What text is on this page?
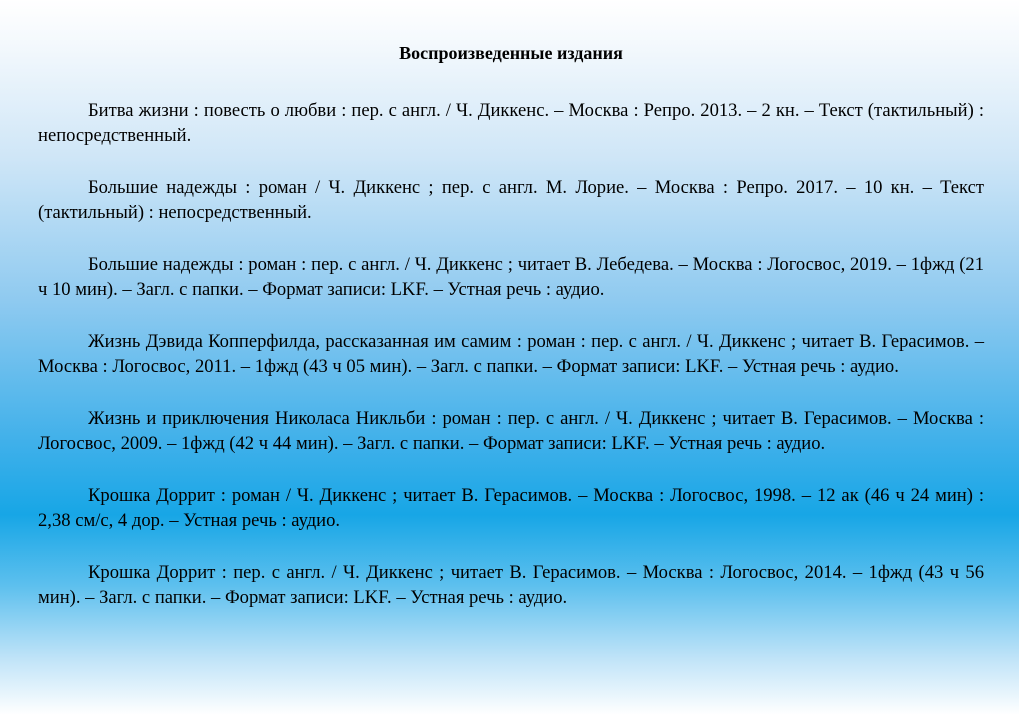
Воспроизведенные издания

Битва жизни : повесть о любви : пер. с англ. / Ч. Диккенс. – Москва : Репро. 2013. – 2 кн. – Текст (тактильный) : непосредственный.

Большие надежды : роман / Ч. Диккенс ; пер. с англ. М. Лорие. – Москва : Репро. 2017. – 10 кн. – Текст (тактильный) : непосредственный.

Большие надежды : роман : пер. с англ. / Ч. Диккенс ; читает В. Лебедева. – Москва : Логосвос, 2019. – 1фжд (21 ч 10 мин). – Загл. с папки. – Формат записи: LKF. – Устная речь : аудио.

Жизнь Дэвида Копперфилда, рассказанная им самим : роман : пер. с англ. / Ч. Диккенс ; читает В. Герасимов. – Москва : Логосвос, 2011. – 1фжд (43 ч 05 мин). – Загл. с папки. – Формат записи: LKF. – Устная речь : аудио.

Жизнь и приключения Николаса Никльби : роман : пер. с англ. / Ч. Диккенс ; читает В. Герасимов. – Москва : Логосвос, 2009. – 1фжд (42 ч 44 мин). – Загл. с папки. – Формат записи: LKF. – Устная речь : аудио.

Крошка Доррит : роман / Ч. Диккенс ; читает В. Герасимов. – Москва : Логосвос, 1998. – 12 ак (46 ч 24 мин) : 2,38 см/с, 4 дор. – Устная речь : аудио.

Крошка Доррит : пер. с англ. / Ч. Диккенс ; читает В. Герасимов. – Москва : Логосвос, 2014. – 1фжд (43 ч 56 мин). – Загл. с папки. – Формат записи: LKF. – Устная речь : аудио.
